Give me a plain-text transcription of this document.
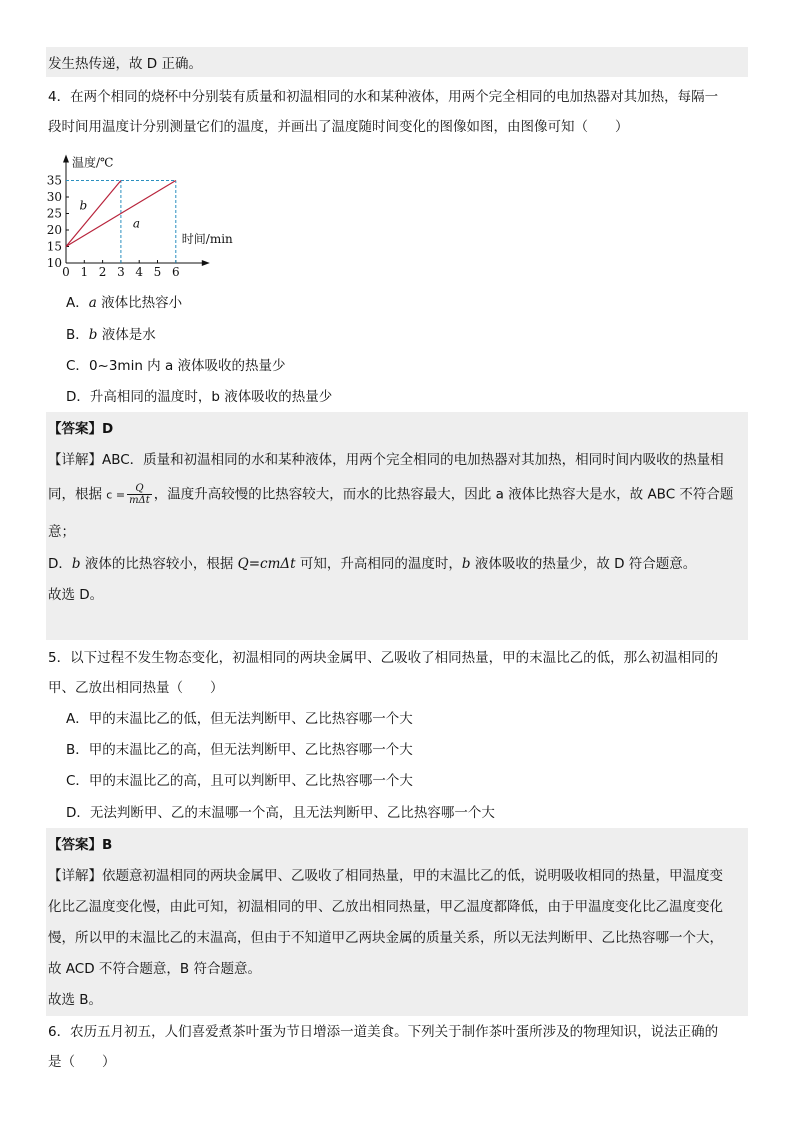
发生热传递，故 D 正确。
4．在两个相同的烧杯中分别装有质量和初温相同的水和某种液体，用两个完全相同的电加热器对其加热，每隔一
段时间用温度计分别测量它们的温度，并画出了温度随时间变化的图像如图，由图像可知（　　）
0 1 2 3 4 5 6
10
15
20
25
30
35
b
a
温度/℃
时间/min
A．a 液体比热容小
B．b 液体是水
C．0~3min 内 a 液体吸收的热量少
D．升高相同的温度时，b 液体吸收的热量少
【答案】D
【详解】ABC．质量和初温相同的水和某种液体，用两个完全相同的电加热器对其加热，相同时间内吸收的热量相
同，根据 $c = \frac{Q}{\text{mΔt}}$ ，温度升高较慢的比热容较大，而水的比热容最大，因此 a 液体比热容大是水，故 ABC 不符合题
意；
D．b 液体的比热容较小，根据 Q=cmΔt 可知，升高相同的温度时，b 液体吸收的热量少，故 D 符合题意。
故选 D。
5．以下过程不发生物态变化，初温相同的两块金属甲、乙吸收了相同热量，甲的末温比乙的低，那么初温相同的
甲、乙放出相同热量（　　）
A．甲的末温比乙的低，但无法判断甲、乙比热容哪一个大
B．甲的末温比乙的高，但无法判断甲、乙比热容哪一个大
C．甲的末温比乙的高，且可以判断甲、乙比热容哪一个大
D．无法判断甲、乙的末温哪一个高，且无法判断甲、乙比热容哪一个大
【答案】B
【详解】依题意初温相同的两块金属甲、乙吸收了相同热量，甲的末温比乙的低，说明吸收相同的热量，甲温度变
化比乙温度变化慢，由此可知，初温相同的甲、乙放出相同热量，甲乙温度都降低，由于甲温度变化比乙温度变化
慢，所以甲的末温比乙的末温高，但由于不知道甲乙两块金属的质量关系，所以无法判断甲、乙比热容哪一个大，
故 ACD 不符合题意，B 符合题意。
故选 B。
6．农历五月初五，人们喜爱煮茶叶蛋为节日增添一道美食。下列关于制作茶叶蛋所涉及的物理知识，说法正确的
是（　　）
